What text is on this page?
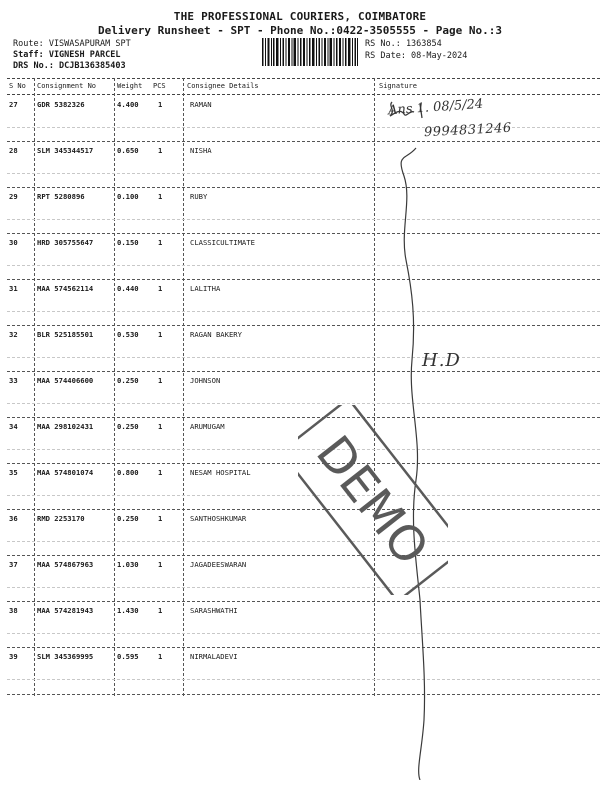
THE PROFESSIONAL COURIERS, COIMBATORE
Delivery Runsheet - SPT - Phone No.:0422-3505555 - Page No.:3
Route: VISWASAPURAM SPT
Staff: VIGNESH PARCEL
DRS No.: DCJB136385403
RS No.: 1363854
RS Date: 08-May-2024
S No Consignment No	Weight PCS	Consignee Details	Signature
27	GDR 5382326	4.400	1	RAMAN
28	SLM 345344517	0.650	1	NISHA
29	RPT 5280896	0.100	1	RUBY
30	HRD 305755647	0.150	1	CLASSICULTIMATE
31	MAA 574562114	0.440	1	LALITHA
32	BLR 525185501	0.530	1	RAGAN BAKERY
33	MAA 574406600	0.250	1	JOHNSON
34	MAA 298102431	0.250	1	ARUMUGAM
35	MAA 574801074	0.800	1	NESAM HOSPITAL
36	RMD 2253170	0.250	1	SANTHOSHKUMAR
37	MAA 574867963	1.030	1	JAGADEESWARAN
38	MAA 574281943	1.430	1	SARASHWATHI
39	SLM 345369995	0.595	1	NIRMALADEVI
Ans 1. 08/5/24
9994831246
H.D
DEMO
